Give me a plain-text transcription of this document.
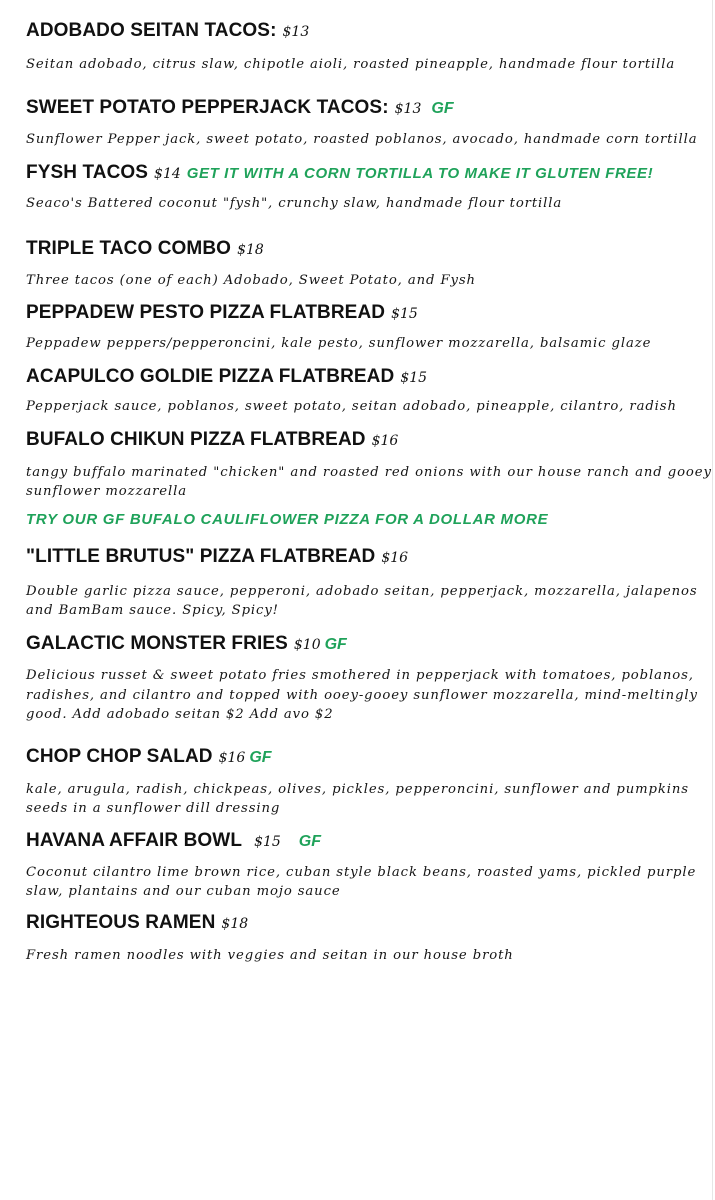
ADOBADO SEITAN TACOS: $13
Seitan adobado, citrus slaw, chipotle aioli, roasted pineapple, handmade flour tortilla
SWEET POTATO PEPPERJACK TACOS: $13 GF
Sunflower Pepper jack, sweet potato, roasted poblanos, avocado, handmade corn tortilla
FYSH TACOS $14 GET IT WITH A CORN TORTILLA TO MAKE IT GLUTEN FREE!
Seaco's Battered coconut "fysh", crunchy slaw, handmade flour tortilla
TRIPLE TACO COMBO $18
Three tacos (one of each) Adobado, Sweet Potato, and Fysh
PEPPADEW PESTO PIZZA FLATBREAD $15
Peppadew peppers/pepperoncini, kale pesto, sunflower mozzarella, balsamic glaze
ACAPULCO GOLDIE PIZZA FLATBREAD $15
Pepperjack sauce, poblanos, sweet potato, seitan adobado, pineapple, cilantro, radish
BUFALO CHIKUN PIZZA FLATBREAD $16
tangy buffalo marinated "chicken" and roasted red onions with our house ranch and gooey
sunflower mozzarella
TRY OUR GF BUFALO CAULIFLOWER PIZZA FOR A DOLLAR MORE
"LITTLE BRUTUS" PIZZA FLATBREAD $16
Double garlic pizza sauce, pepperoni, adobado seitan, pepperjack, mozzarella, jalapenos
and BamBam sauce. Spicy, Spicy!
GALACTIC MONSTER FRIES $10 GF
Delicious russet & sweet potato fries smothered in pepperjack with tomatoes, poblanos,
radishes, and cilantro and topped with ooey-gooey sunflower mozzarella, mind-meltingly
good. Add adobado seitan $2 Add avo $2
CHOP CHOP SALAD $16 GF
kale, arugula, radish, chickpeas, olives, pickles, pepperoncini, sunflower and pumpkins
seeds in a sunflower dill dressing
HAVANA AFFAIR BOWL $15 GF
Coconut cilantro lime brown rice, cuban style black beans, roasted yams, pickled purple
slaw, plantains and our cuban mojo sauce
RIGHTEOUS RAMEN $18
Fresh ramen noodles with veggies and seitan in our house broth
